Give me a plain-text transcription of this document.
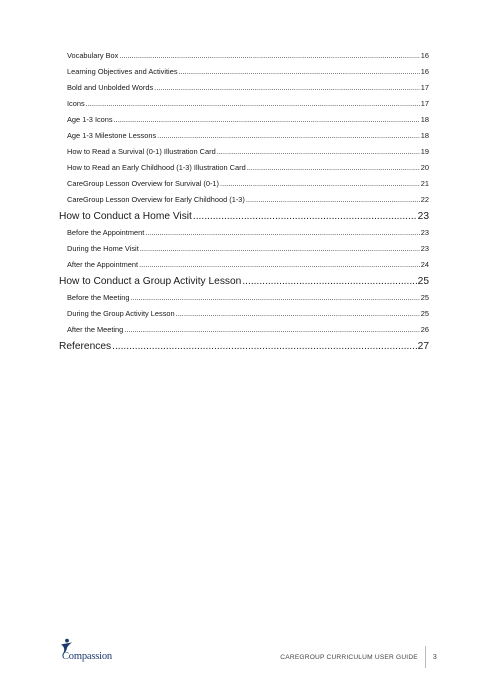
Vocabulary Box .....	16
Learning Objectives and Activities .....	16
Bold and Unbolded Words .....	17
Icons .....	17
Age 1-3 Icons .....	18
Age 1-3 Milestone Lessons .....	18
How to Read a Survival (0-1) Illustration Card .....	19
How to Read an Early Childhood (1-3) Illustration Card .....	20
CareGroup Lesson Overview for Survival (0-1) .....	21
CareGroup Lesson Overview for Early Childhood (1-3) .....	22
How to Conduct a Home Visit .....	23
Before the Appointment .....	23
During the Home Visit .....	23
After the Appointment .....	24
How to Conduct a Group Activity Lesson .....	25
Before the Meeting .....	25
During the Group Activity Lesson .....	25
After the Meeting .....	26
References .....	27
Compassion	CAREGROUP CURRICULUM USER GUIDE 3
